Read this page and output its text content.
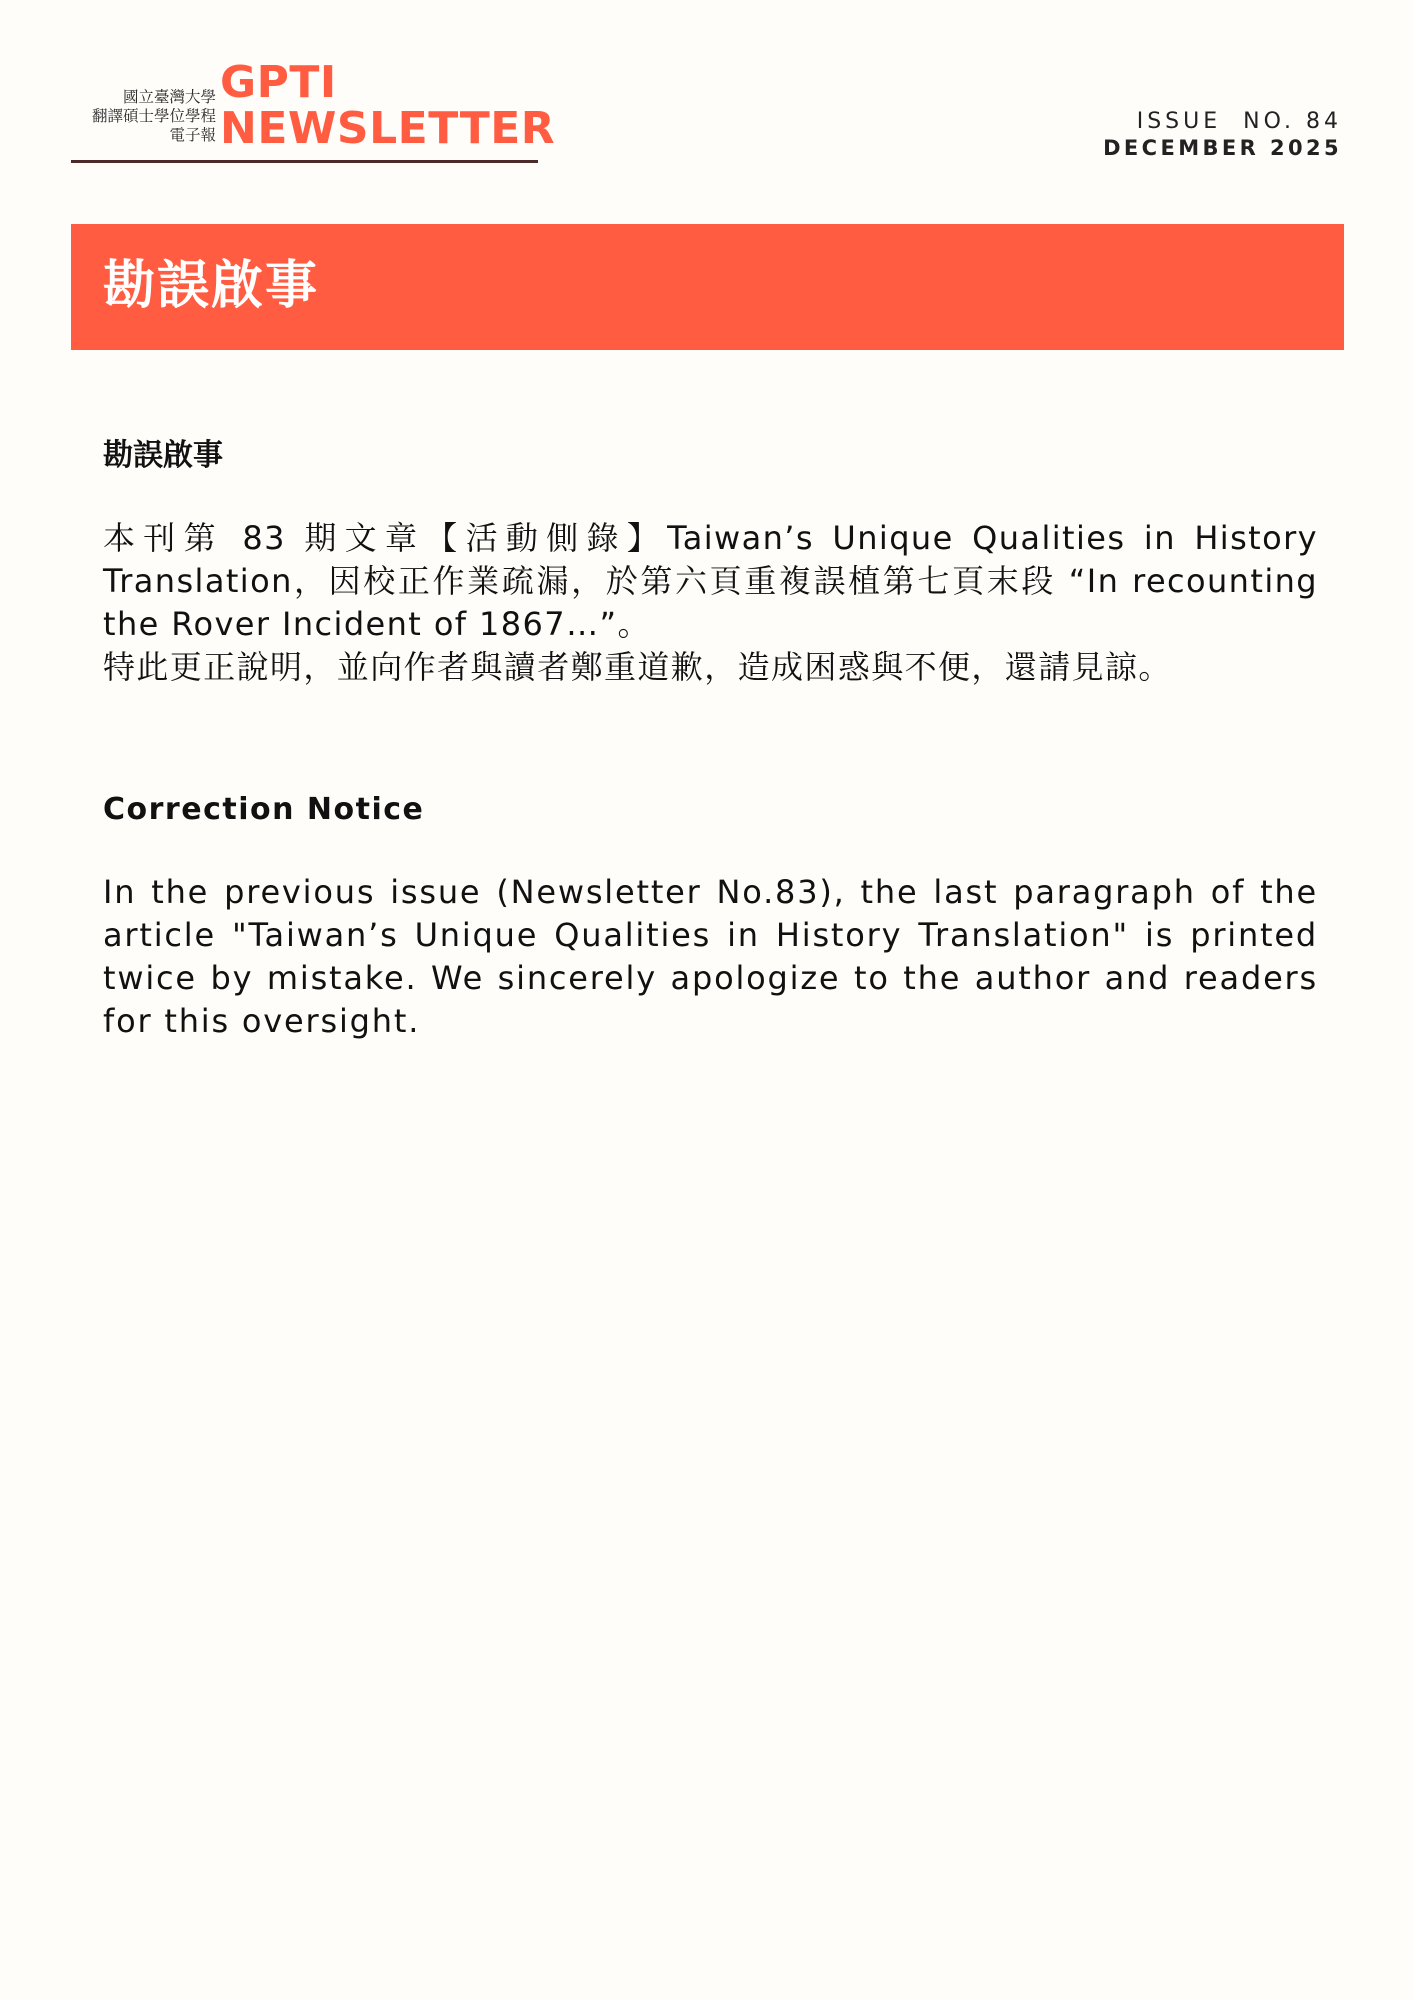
國立臺灣大學
翻譯碩士學位學程
電子報
GPTI
NEWSLETTER	ISSUE  NO. 84
DECEMBER 2025
勘誤啟事
勘誤啟事

本刊第 83 期文章【活動側錄】Taiwan’s Unique Qualities in History Translation，因校正作業疏漏，於第六頁重複誤植第七頁末段 “In recounting the Rover Incident of 1867…”。

特此更正說明，並向作者與讀者鄭重道歉，造成困惑與不便，還請見諒。

Correction Notice

In the previous issue (Newsletter No.83), the last paragraph of the article "Taiwan’s Unique Qualities in History Translation" is printed twice by mistake. We sincerely apologize to the author and readers for this oversight.
